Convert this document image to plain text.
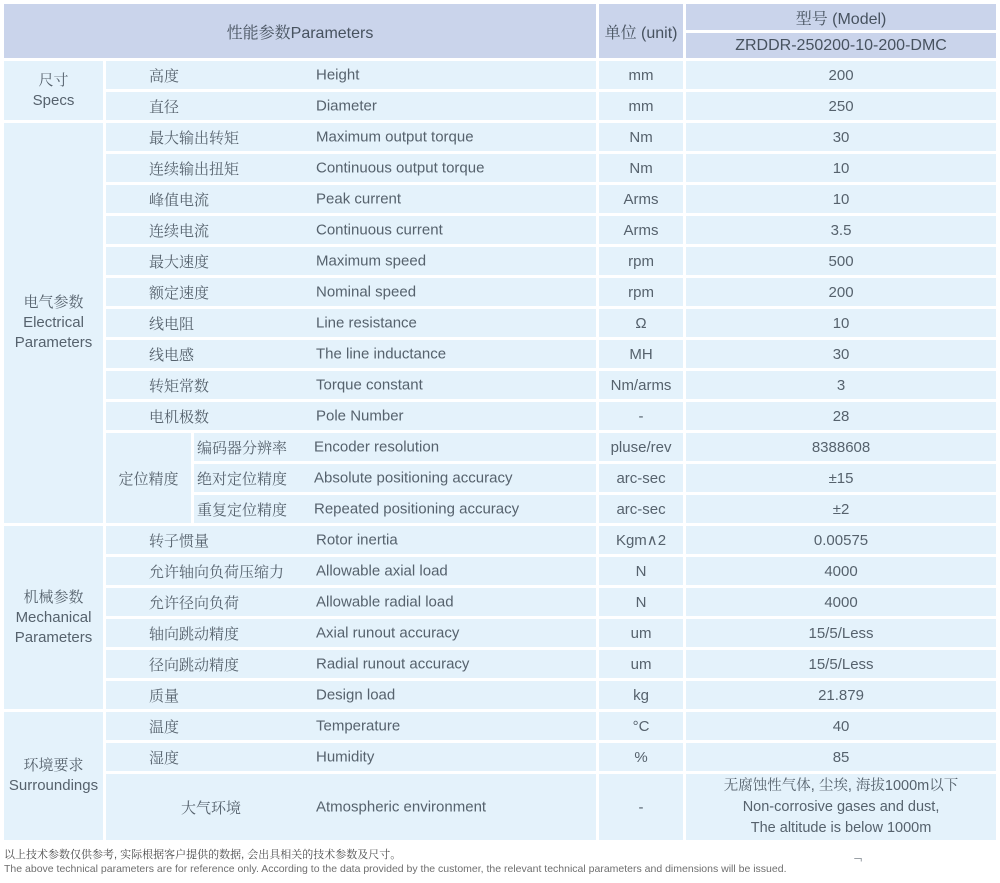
性能参数Parameters			单位 (unit)	型号 (Model)
				ZRDDR-250200-10-200-DMC
尺寸
Specs	高度 Height		mm	200
	直径 Diameter		mm	250
电气参数
Electrical Parameters	最大输出转矩 Maximum output torque		Nm	30
	连续输出扭矩 Continuous output torque		Nm	10
	峰值电流 Peak current		Arms	10
	连续电流 Continuous current		Arms	3.5
	最大速度 Maximum speed		rpm	500
	额定速度 Nominal speed		rpm	200
	线电阻 Line resistance		Ω	10
	线电感 The line inductance		MH	30
	转矩常数 Torque constant		Nm/arms	3
	电机极数 Pole Number		-	28
	定位精度	编码器分辨率 Encoder resolution	pluse/rev	8388608
		绝对定位精度 Absolute positioning accuracy	arc-sec	±15
		重复定位精度 Repeated positioning accuracy	arc-sec	±2
机械参数
Mechanical Parameters	转子惯量 Rotor inertia		Kgm∧2	0.00575
	允许轴向负荷压缩力 Allowable axial load		N	4000
	允许径向负荷 Allowable radial load		N	4000
	轴向跳动精度 Axial runout accuracy		um	15/5/Less
	径向跳动精度 Radial runout accuracy		um	15/5/Less
	质量 Design load		kg	21.879
环境要求
Surroundings	温度 Temperature		°C	40
	湿度 Humidity		%	85
	大气环境 Atmospheric environment		-	无腐蚀性气体, 尘埃, 海拔1000m以下
Non-corrosive gases and dust,
The altitude is below 1000m
以上技术参数仅供参考, 实际根据客户提供的数据, 会出具相关的技术参数及尺寸。
The above technical parameters are for reference only. According to the data provided by the customer, the relevant technical parameters and dimensions will be issued.
¬
